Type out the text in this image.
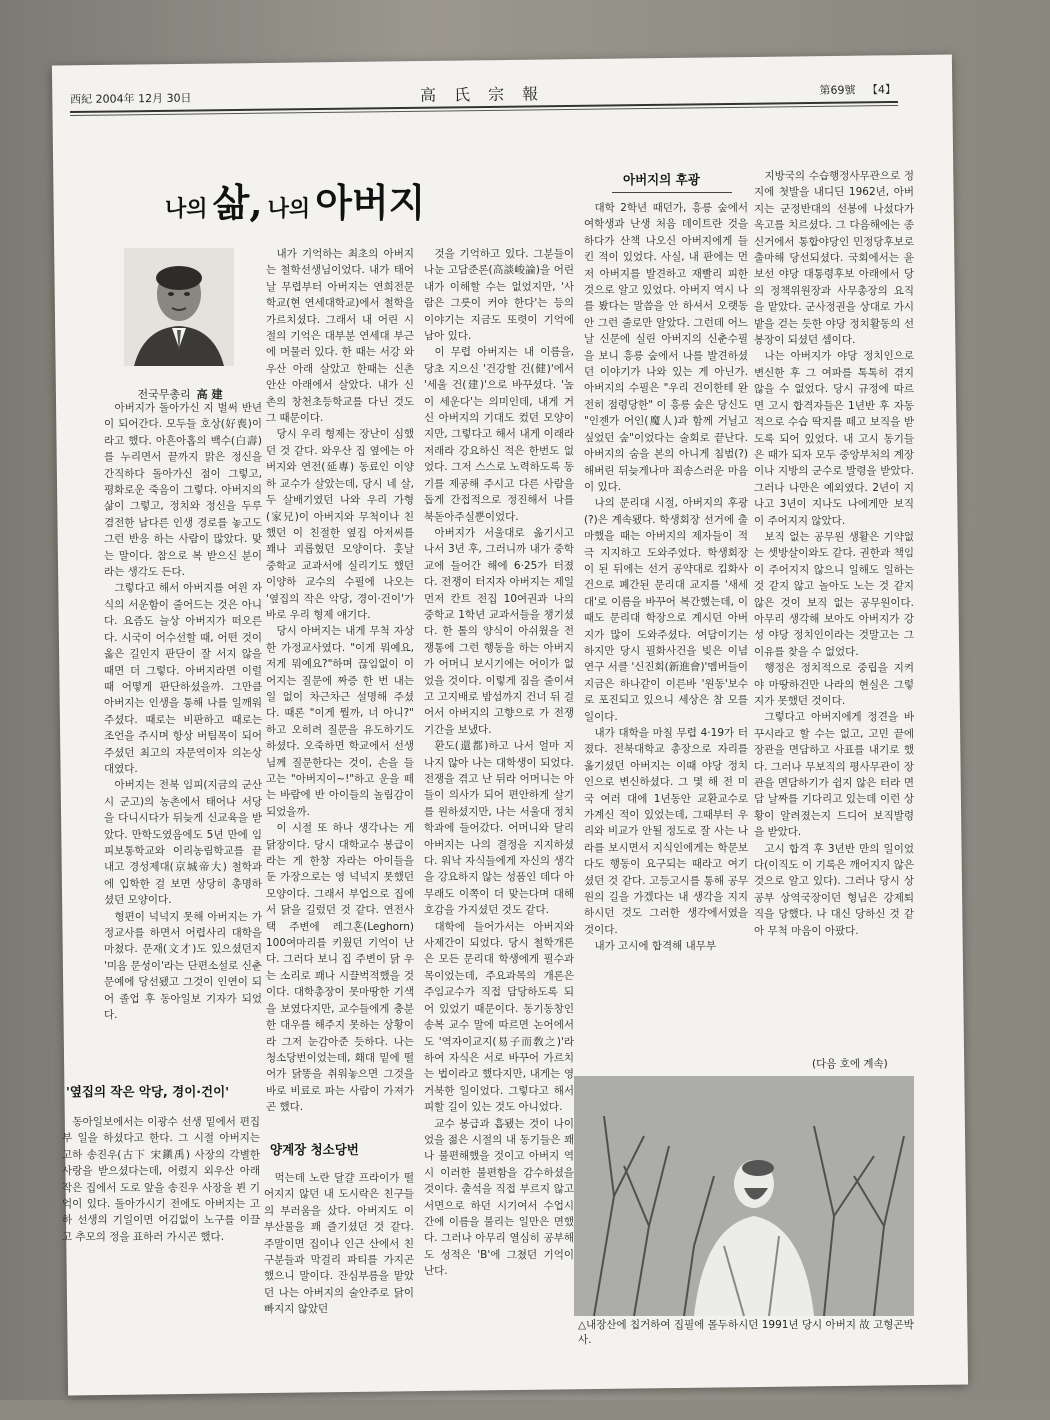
西紀 2004年 12月 30日	高氏宗報	第69號 【4】
나의 삶, 나의 아버지
전국무총리 高 建

아버지가 돌아가신 지 벌써 반년이 되어간다. 모두들 호상(好喪)이라고 했다. 아흔아홉의 백수(白壽)를 누리면서 끝까지 맑은 정신을 간직하다 돌아가신 점이 그렇고, 평화로운 죽음이 그렇다. 아버지의 삶이 그렇고, 정치와 정신을 두루 겸전한 남다른 인생 경로를 놓고도 그런 반응 하는 사람이 많았다. 맞는 말이다. 참으로 복 받으신 분이라는 생각도 든다.

그렇다고 해서 아버지를 여읜 자식의 서운함이 줄어드는 것은 아니다. 요즘도 늘상 아버지가 떠오른다. 시국이 어수선할 때, 어떤 것이 옳은 길인지 판단이 잘 서지 않을 때면 더 그렇다. 아버지라면 이럴 때 어떻게 판단하셨을까. 그만큼 아버지는 인생을 통해 나를 일깨워주셨다. 때로는 비판하고 때로는 조언을 주시며 항상 버팀목이 되어주셨던 최고의 자문역이자 의논상대였다.

아버지는 전북 임피(지금의 군산시 군고)의 농촌에서 태어나 서당을 다니시다가 뒤늦게 신교육을 받았다. 만학도였음에도 5년 만에 임피보통학교와 이리농림학교를 끝내고 경성제대(京城帝大) 철학과에 입학한 걸 보면 상당히 총명하셨던 모양이다.

형편이 넉넉지 못해 아버지는 가정교사를 하면서 어렵사리 대학을 마쳤다. 문재(文才)도 있으셨던지 '미음 문성이'라는 단편소설로 신춘문예에 당선됐고 그것이 인연이 되어 졸업 후 동아일보 기자가 되었다.

'옆집의 작은 악당, 경이·건이'

동아일보에서는 이광수 선생 밑에서 편집부 일을 하셨다고 한다. 그 시절 아버지는 고하 송진우(古下 宋鎭禹) 사장의 각별한 사랑을 받으셨다는데, 어렸지 외우산 아래 작은 집에서 도로 앞을 송진우 사장을 뵌 기억이 있다. 돌아가시기 전에도 아버지는 고하 선생의 기일이면 어김없이 노구를 이끌고 추모의 정을 표하러 가시곤 했다.

내가 기억하는 최초의 아버지는 철학선생님이었다. 내가 태어날 무렵부터 아버지는 연희전문학교(현 연세대학교)에서 철학을 가르치셨다. 그래서 내 어린 시절의 기억은 대부분 연세대 부근에 머물러 있다. 한 때는 서강 와우산 아래 살았고 한때는 신촌 안산 아래에서 살았다. 내가 신촌의 창천초등학교를 다닌 것도 그 때문이다.

당시 우리 형제는 장난이 심했던 것 같다. 와우산 집 옆에는 아버지와 연전(延專) 동료인 이양하 교수가 살았는데, 당시 네 살, 두 살배기였던 나와 우리 가형(家兄)이 아버지와 무척이나 친했던 이 친절한 옆집 아저씨를 꽤나 괴롭혔던 모양이다. 훗날 중학교 교과서에 실리기도 했던 이양하 교수의 수필에 나오는 '옆집의 작은 악당, 경이·건이'가 바로 우리 형제 얘기다.

당시 아버지는 내게 무척 자상한 가정교사였다. "이게 뭐예요, 저게 뭐예요?"하며 끊임없이 이어지는 질문에 짜증 한 번 내는 일 없이 차근차근 설명해 주셨다. 때론 "이게 뭘까, 너 아니?" 하고 오히려 질문을 유도하기도 하셨다. 오죽하면 학교에서 선생님께 질문한다는 것이, 손을 들고는 "아버지이~!"하고 운을 떼는 바람에 반 아이들의 놀림감이 되었을까.

이 시절 또 하나 생각나는 게 닭장이다. 당시 대학교수 봉급이라는 게 한창 자라는 아이들을 둔 가장으로는 영 넉넉지 못했던 모양이다. 그래서 부업으로 집에서 닭을 길렀던 것 같다. 연전사택 주변에 레그혼(Leghorn) 100여마리를 키웠던 기억이 난다. 그러다 보니 집 주변이 닭 우는 소리로 꽤나 시끌벅적했을 것이다. 대학총장이 못마땅한 기색을 보였다지만, 교수들에게 충분한 대우를 해주지 못하는 상황이라 그저 눈감아준 듯하다. 나는 청소당번이었는데, 홰대 밑에 떨어가 닭똥을 취워놓으면 그것을 바로 비료로 파는 사람이 가져가곤 했다.

양계장 청소당번

먹는데 노란 달걀 프라이가 떨어지지 않던 내 도시락은 친구들의 부러움을 샀다. 아버지도 이 부산물을 꽤 즐기셨던 것 같다. 주말이면 집이나 인근 산에서 친구분들과 막걸리 파티를 가지곤 했으니 말이다. 잔심부름을 맡았던 나는 아버지의 술안주로 닭이 빠지지 않았던

것을 기억하고 있다. 그분들이 나눈 고담준론(高談峻論)을 어린 내가 이해할 수는 없었지만, '사람은 그릇이 커야 한다'는 등의 이야기는 지금도 또렷이 기억에 남아 있다.

이 무렵 아버지는 내 이름을, 당초 지으신 '건강할 건(健)'에서 '세울 건(建)'으로 바꾸셨다. '높이 세운다'는 의미인데, 내게 거신 아버지의 기대도 컸던 모양이지만, 그렇다고 해서 내게 이래라 저래라 강요하신 적은 한번도 없었다. 그저 스스로 노력하도록 동기를 제공해 주시고 다른 사람을 돕게 간접적으로 정진해서 나를 북돋아주실뿐이었다.

아버지가 서울대로 옮기시고 나서 3년 후, 그러니까 내가 중학교에 들어간 해에 6·25가 터졌다. 전쟁이 터지자 아버지는 제일 먼저 칸트 전집 10여권과 나의 중학교 1학년 교과서들을 챙기셨다. 한 톨의 양식이 아쉬웠을 전쟁통에 그런 행동을 하는 아버지가 어머니 보시기에는 어이가 없었을 것이다. 이렇게 짐을 줄이셔고 고지배로 밤섬까지 건너 뒤 걸어서 아버지의 고향으로 가 전쟁기간을 보냈다.

환도(還都)하고 나서 얼마 지나지 않아 나는 대학생이 되었다. 전쟁을 겪고 난 뒤라 어머니는 아들이 의사가 되어 편안하게 살기를 원하셨지만, 나는 서울대 정치학과에 들어갔다. 어머니와 달리 아버지는 나의 결정을 지지하셨다. 워낙 자식들에게 자신의 생각을 강요하지 않는 성품인 데다 아무래도 이쪽이 더 맞는다며 대해 호감을 가지셨던 것도 같다.

대학에 들어가서는 아버지와 사제간이 되었다. 당시 철학개론은 모든 문리대 학생에게 필수과목이었는데, 주요과목의 개론은 주임교수가 직접 담당하도록 되어 있었기 때문이다. 동기동창인 송복 교수 말에 따르면 논어에서도 '역자이교지(易子而敎之)'라 하여 자식은 서로 바꾸어 가르치는 법이라고 했다지만, 내게는 영 거북한 일이었다. 그렇다고 해서 피할 길이 있는 것도 아니었다.

교수 봉급과 흡됐는 것이 나이었을 젊은 시절의 내 동기들은 꽤나 불편해했을 것이고 아버지 역시 이러한 불편함을 감수하셨을 것이다. 출석을 직접 부르지 않고 서면으로 하던 시기여서 수업시간에 이름을 불리는 일만은 면했다. 그러나 아무리 열심히 공부해도 성적은 'B'에 그쳤던 기억이 난다.

아버지의 후광

대학 2학년 때던가, 흥릉 숲에서 여학생과 난생 처음 데이트란 것을 하다가 산책 나오신 아버지에게 들킨 적이 있었다. 사실, 내 판에는 먼저 아버지를 발견하고 재빨리 피한 것으로 알고 있었다. 아버지 역시 나를 봤다는 말씀을 안 하셔서 오랫동안 그런 줄로만 알았다. 그런데 어느 날 신문에 실린 아버지의 신춘수필을 보니 흥릉 숲에서 나를 발견하셨던 이야기가 나와 있는 게 아닌가. 아버지의 수필은 "우리 건이한테 완전히 점령당한" 이 흥릉 숲은 당신도 "인젠가 어인(魔人)과 함께 거닐고 싶었던 숲"이었다는 술회로 끝난다. 아버지의 숨을 본의 아니게 침범(?)해버린 뒤늦게나마 죄송스러운 마음이 있다.

나의 문리대 시절, 아버지의 후광(?)은 계속됐다. 학생회장 선거에 출마했을 때는 아버지의 제자들이 적극 지지하고 도와주었다. 학생회장이 된 뒤에는 선거 공약대로 킴화사건으로 폐간된 문리대 교지를 '새세대'로 이름을 바꾸어 복간했는데, 이때도 문리대 학장으로 계시던 아버지가 많이 도와주셨다. 여담이기는 하지만 당시 필화사건을 빚은 이념연구 서클 '신진회(新進會)'멤버들이 지금은 하나같이 이른바 '원동'보수로 포진되고 있으니 세상은 참 모를 일이다.

내가 대학을 마칠 무렵 4·19가 터졌다. 전북대학교 총장으로 자리를 옮기셨던 아버지는 이때 야당 정치인으로 변신하셨다. 그 몇 해 전 미국 여러 대에 1년동안 교환교수로 가계신 적이 있었는데, 그때부터 우리와 비교가 안될 정도로 잘 사는 나라를 보시면서 지식인에게는 학문보다도 행동이 요구되는 때라고 여기셨던 것 같다. 고등고시를 통해 공무원의 길을 가겠다는 내 생각을 지지하시던 것도 그러한 생각에서였을 것이다.

내가 고시에 합격해 내무부

지방국의 수습행정사무관으로 정지에 첫발을 내디딘 1962년, 아버지는 군정반대의 선봉에 나섰다가 옥고를 치르셨다. 그 다음해에는 종신거에서 통합야당인 민정당후보로 출마해 당선되셨다. 국회에서는 윤보선 야당 대통령후보 아래에서 당의 정책위원장과 사무총장의 요직을 맡았다. 군사정권을 상대로 가시밭을 걷는 듯한 야당 정치활동의 선봉장이 되셨던 셈이다.

나는 아버지가 야당 정치인으로 변신한 후 그 여파를 톡톡히 겪지 않을 수 없었다. 당시 규정에 따르면 고시 합격자들은 1년반 후 자동적으로 수습 딱지를 떼고 보직을 받도록 되어 있었다. 내 고시 동기들은 때가 되자 모두 중앙부처의 계장이나 지방의 군수로 발령을 받았다. 그러나 나만은 예외였다. 2년이 지나고 3년이 지나도 나에게만 보직이 주어지지 않았다.

보직 없는 공무원 생활은 기약없는 셋방살이와도 같다. 권한과 책임이 주어지지 않으니 일해도 일하는 것 같지 않고 놀아도 노는 것 같지 않은 것이 보직 없는 공무원이다. 아무리 생각해 보아도 아버지가 강성 야당 정치인이라는 것말고는 그 이유를 찾을 수 없었다.

행정은 정치적으로 중립을 지켜야 마땅하건만 나라의 현실은 그렇지가 못했던 것이다.

그렇다고 아버지에게 정견을 바꾸시라고 할 수는 없고, 고민 끝에 장관을 면담하고 사표를 내기로 했다. 그러나 무보직의 평사무관이 장관을 면담하기가 쉽지 않은 터라 면담 날짜를 기다리고 있는데 이런 상황이 알려졌는지 드디어 보직발령을 받았다.

고시 합격 후 3년반 만의 일이었다(이직도 이 기록은 깨어지지 않은 것으로 알고 있다). 그러나 당시 상공부 상역국장이던 형님은 강제퇴직을 당했다. 나 대신 당하신 것 같아 무척 마음이 아팠다.

(다음 호에 계속)
△내장산에 칩거하여 집필에 몰두하시던 1991년 당시 아버지 故 고형곤박사.
